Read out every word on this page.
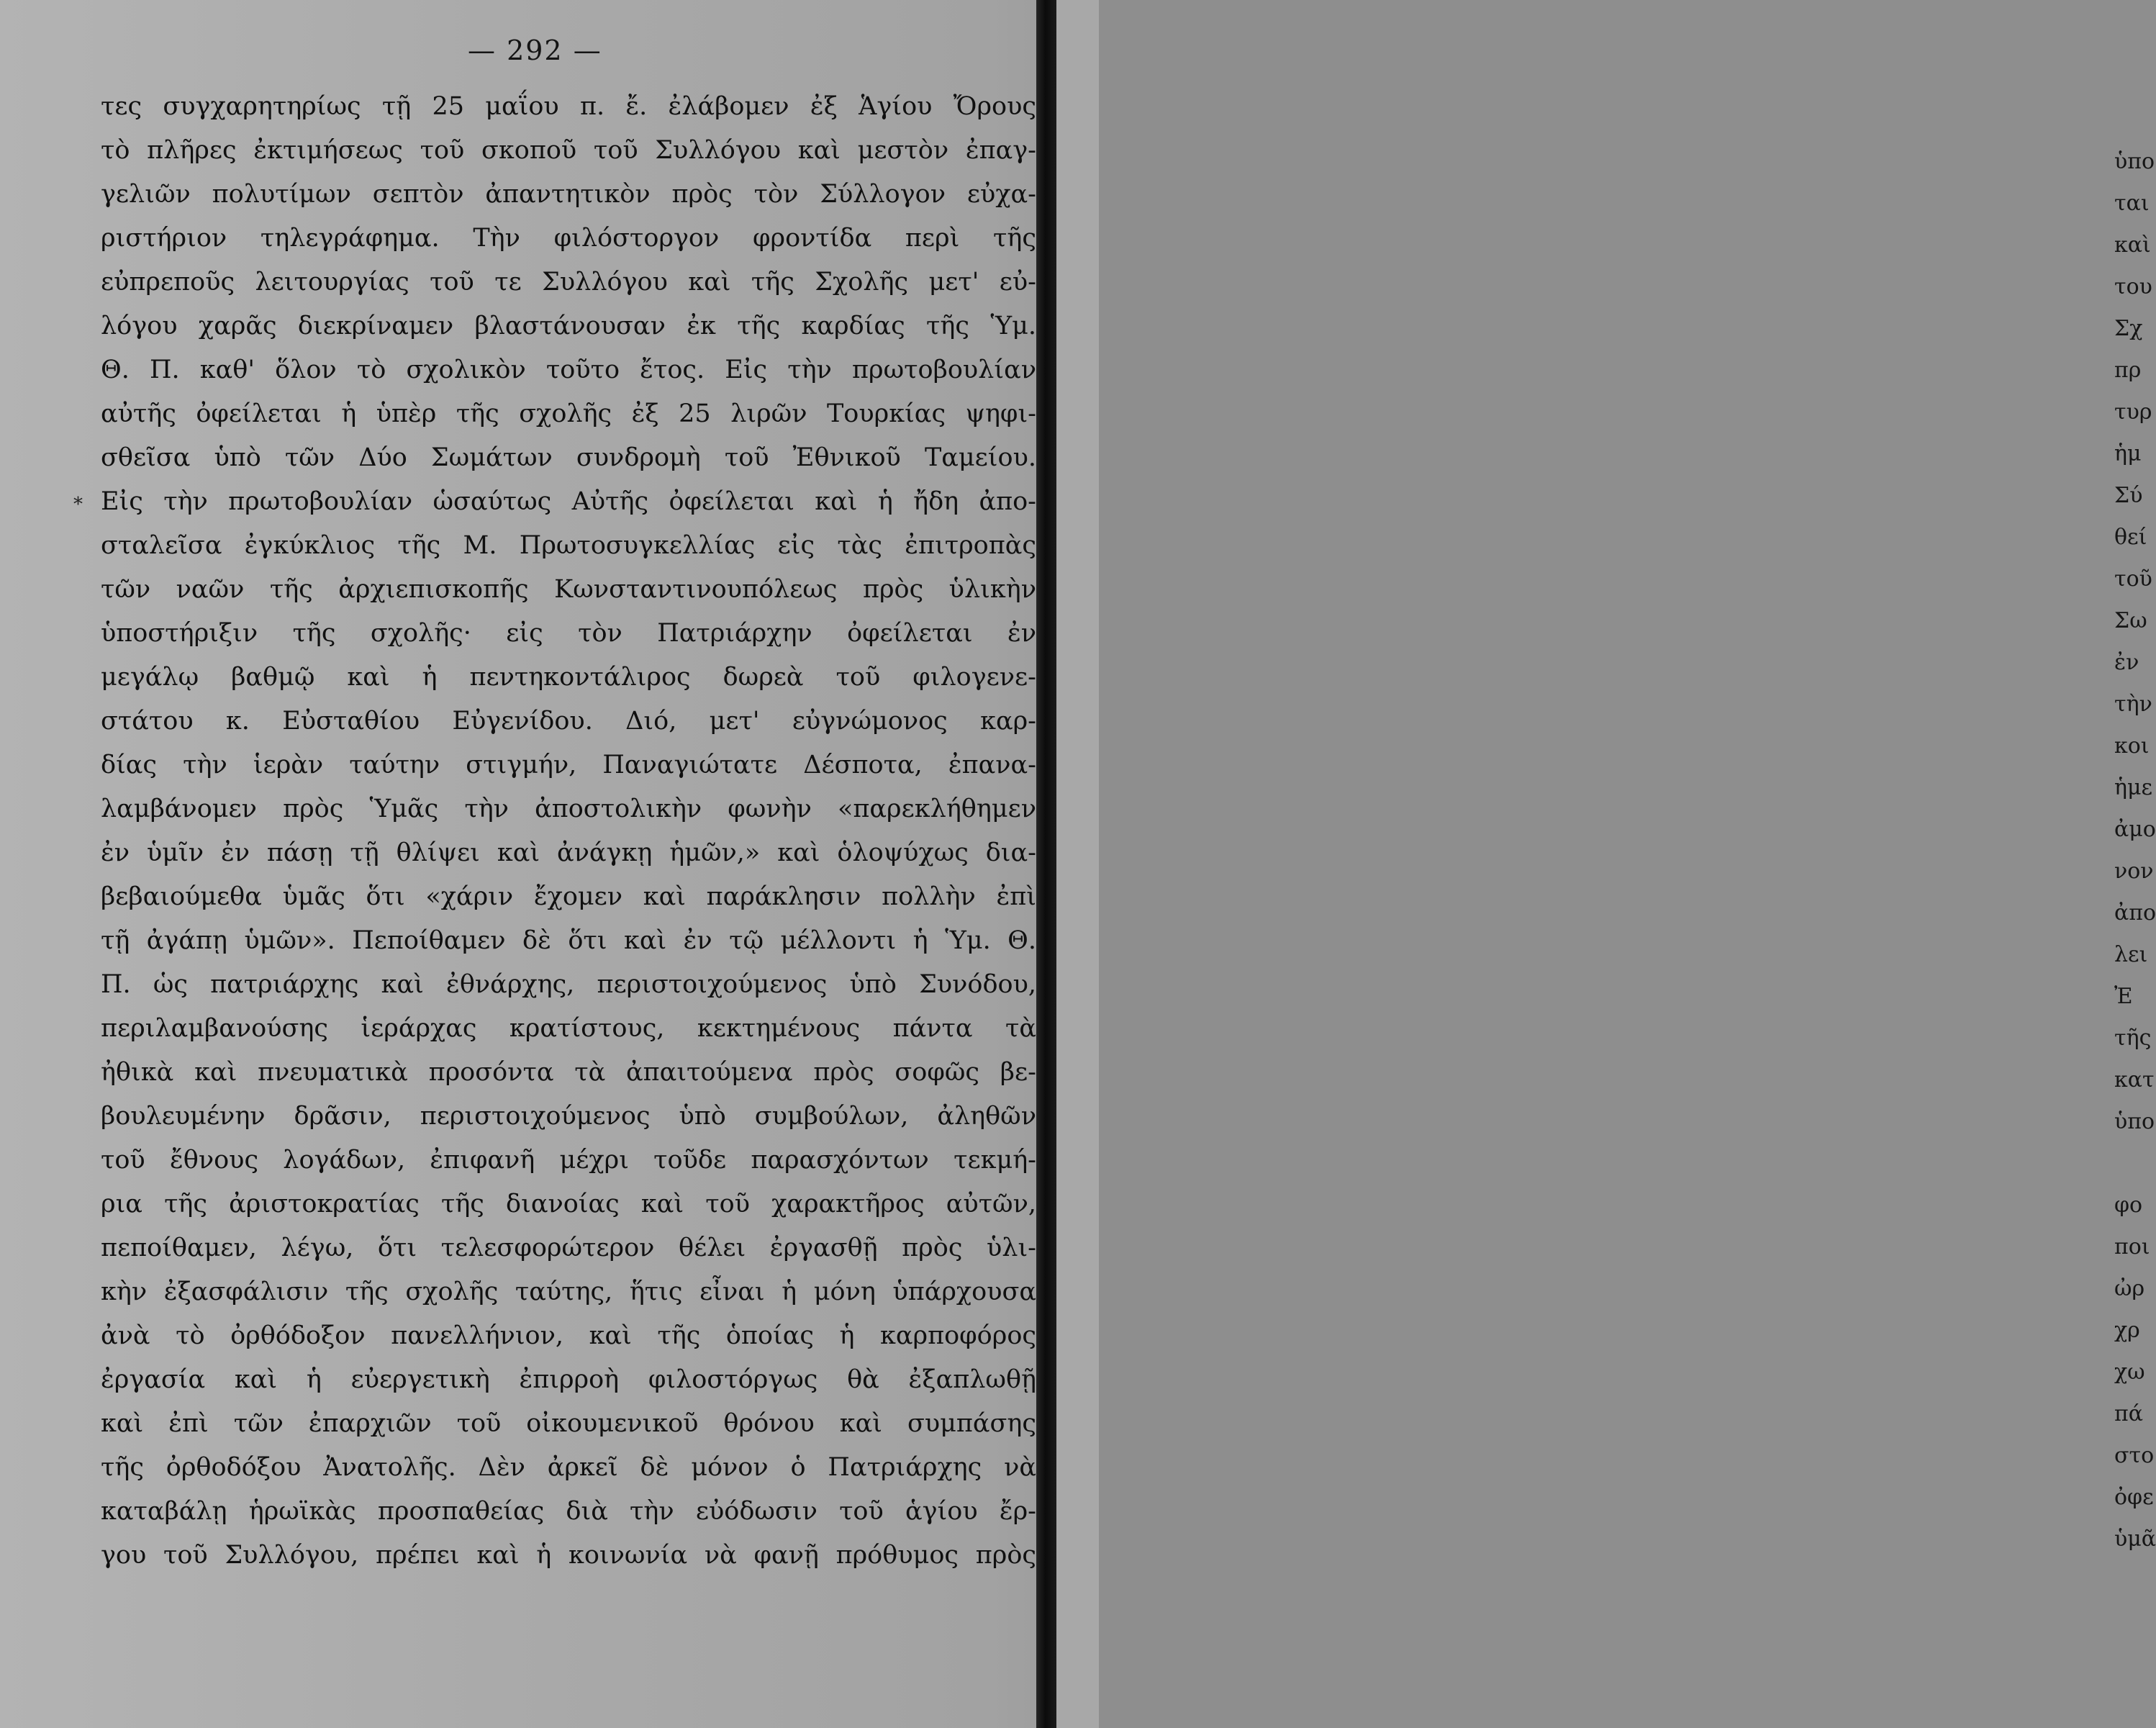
— 292 —
*
τες συγχαρητηρίως τῇ 25 μαΐου π. ἔ. ἐλάβομεν ἐξ Ἁγίου Ὄρους
τὸ πλῆρες ἐκτιμήσεως τοῦ σκοποῦ τοῦ Συλλόγου καὶ μεστὸν ἐπαγ-
γελιῶν πολυτίμων σεπτὸν ἀπαντητικὸν πρὸς τὸν Σύλλογον εὐχα-
ριστήριον τηλεγράφημα. Τὴν φιλόστοργον φροντίδα περὶ τῆς
εὐπρεποῦς λειτουργίας τοῦ τε Συλλόγου καὶ τῆς Σχολῆς μετ' εὐ-
λόγου χαρᾶς διεκρίναμεν βλαστάνουσαν ἐκ τῆς καρδίας τῆς Ὑμ.
Θ. Π. καθ' ὅλον τὸ σχολικὸν τοῦτο ἔτος. Εἰς τὴν πρωτοβουλίαν
αὐτῆς ὀφείλεται ἡ ὑπὲρ τῆς σχολῆς ἐξ 25 λιρῶν Τουρκίας ψηφι-
σθεῖσα ὑπὸ τῶν Δύο Σωμάτων συνδρομὴ τοῦ Ἐθνικοῦ Ταμείου.
Εἰς τὴν πρωτοβουλίαν ὡσαύτως Αὐτῆς ὀφείλεται καὶ ἡ ἤδη ἀπο-
σταλεῖσα ἐγκύκλιος τῆς Μ. Πρωτοσυγκελλίας εἰς τὰς ἐπιτροπὰς
τῶν ναῶν τῆς ἀρχιεπισκοπῆς Κωνσταντινουπόλεως πρὸς ὑλικὴν
ὑποστήριξιν τῆς σχολῆς· εἰς τὸν Πατριάρχην ὀφείλεται ἐν
μεγάλῳ βαθμῷ καὶ ἡ πεντηκοντάλιρος δωρεὰ τοῦ φιλογενε-
στάτου κ. Εὐσταθίου Εὐγενίδου. Διό, μετ' εὐγνώμονος καρ-
δίας τὴν ἱερὰν ταύτην στιγμήν, Παναγιώτατε Δέσποτα, ἐπανα-
λαμβάνομεν πρὸς Ὑμᾶς τὴν ἀποστολικὴν φωνὴν «παρεκλήθημεν
ἐν ὑμῖν ἐν πάσῃ τῇ θλίψει καὶ ἀνάγκῃ ἡμῶν,» καὶ ὁλοψύχως δια-
βεβαιούμεθα ὑμᾶς ὅτι «χάριν ἔχομεν καὶ παράκλησιν πολλὴν ἐπὶ
τῇ ἀγάπῃ ὑμῶν». Πεποίθαμεν δὲ ὅτι καὶ ἐν τῷ μέλλοντι ἡ Ὑμ. Θ.
Π. ὡς πατριάρχης καὶ ἐθνάρχης, περιστοιχούμενος ὑπὸ Συνόδου,
περιλαμβανούσης ἱεράρχας κρατίστους, κεκτημένους πάντα τὰ
ἠθικὰ καὶ πνευματικὰ προσόντα τὰ ἀπαιτούμενα πρὸς σοφῶς βε-
βουλευμένην δρᾶσιν, περιστοιχούμενος ὑπὸ συμβούλων, ἀληθῶν
τοῦ ἔθνους λογάδων, ἐπιφανῆ μέχρι τοῦδε παρασχόντων τεκμή-
ρια τῆς ἀριστοκρατίας τῆς διανοίας καὶ τοῦ χαρακτῆρος αὐτῶν,
πεποίθαμεν, λέγω, ὅτι τελεσφορώτερον θέλει ἐργασθῇ πρὸς ὑλι-
κὴν ἐξασφάλισιν τῆς σχολῆς ταύτης, ἥτις εἶναι ἡ μόνη ὑπάρχουσα
ἀνὰ τὸ ὀρθόδοξον πανελλήνιον, καὶ τῆς ὁποίας ἡ καρποφόρος
ἐργασία καὶ ἡ εὐεργετικὴ ἐπιρροὴ φιλοστόργως θὰ ἐξαπλωθῇ
καὶ ἐπὶ τῶν ἐπαρχιῶν τοῦ οἰκουμενικοῦ θρόνου καὶ συμπάσης
τῆς ὀρθοδόξου Ἀνατολῆς. Δὲν ἀρκεῖ δὲ μόνον ὁ Πατριάρχης νὰ
καταβάλῃ ἡρωϊκὰς προσπαθείας διὰ τὴν εὐόδωσιν τοῦ ἁγίου ἔρ-
γου τοῦ Συλλόγου, πρέπει καὶ ἡ κοινωνία νὰ φανῇ πρόθυμος πρὸς
ὑπο
ται
καὶ
του
Σχ
πρ
τυρ
ἡμ
Σύ
θεί
τοῦ
Σω
ἐν
τὴν
κοι
ἡμε
ἀμο
νον
ἀπο
λει
Ἐ
τῆς
κατ
ὑπο
φο
ποι
ὠρ
χρ
χω
πά
στο
ὀφε
ὑμᾶ
